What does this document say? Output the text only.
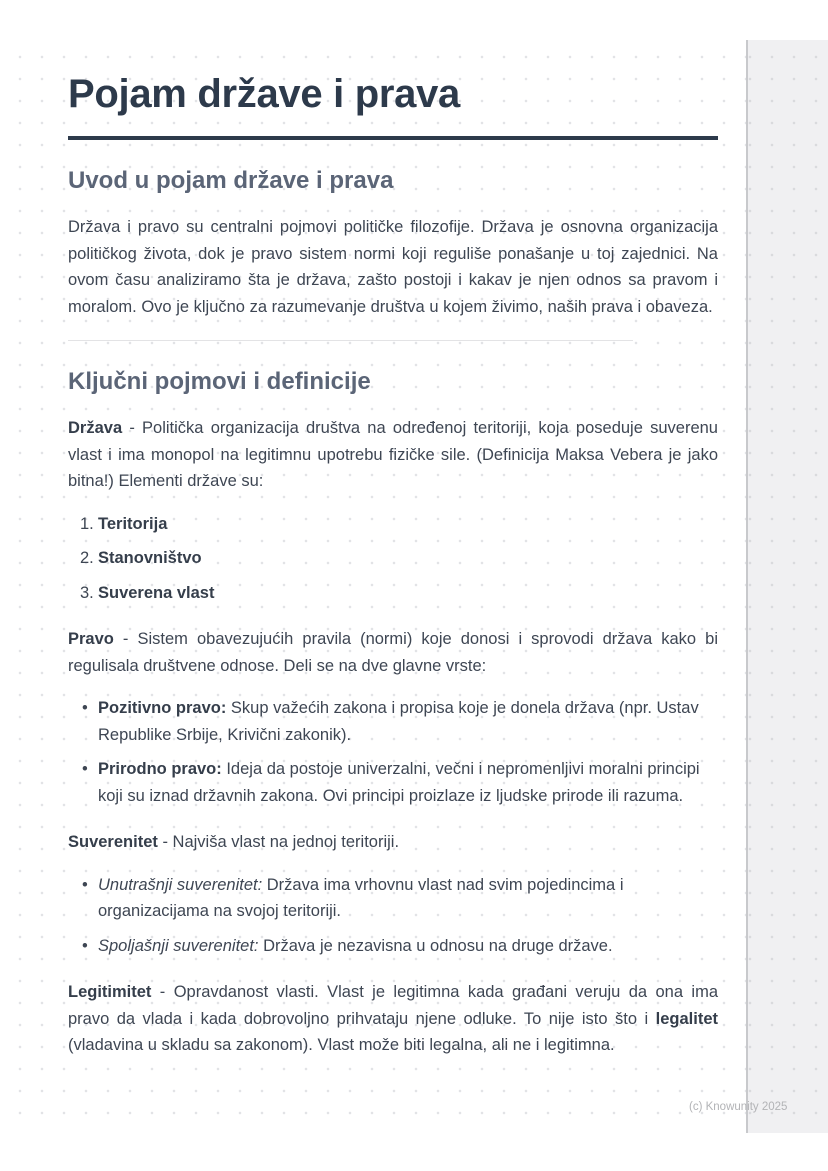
Pojam države i prava
Uvod u pojam države i prava

Država i pravo su centralni pojmovi političke filozofije. Država je osnovna organizacija političkog života, dok je pravo sistem normi koji reguliše ponašanje u toj zajednici. Na ovom času analiziramo šta je država, zašto postoji i kakav je njen odnos sa pravom i moralom. Ovo je ključno za razumevanje društva u kojem živimo, naših prava i obaveza.

Ključni pojmovi i definicije

Država - Politička organizacija društva na određenoj teritoriji, koja poseduje suverenu vlast i ima monopol na legitimnu upotrebu fizičke sile. (Definicija Maksa Vebera je jako bitna!) Elementi države su:

1. Teritorija
2. Stanovništvo
3. Suverena vlast

Pravo - Sistem obavezujućih pravila (normi) koje donosi i sprovodi država kako bi regulisala društvene odnose. Deli se na dve glavne vrste:

• Pozitivno pravo: Skup važećih zakona i propisa koje je donela država (npr. Ustav Republike Srbije, Krivični zakonik).
• Prirodno pravo: Ideja da postoje univerzalni, večni i nepromenljivi moralni principi koji su iznad državnih zakona. Ovi principi proizlaze iz ljudske prirode ili razuma.

Suverenitet - Najviša vlast na jednoj teritoriji.

• Unutrašnji suverenitet: Država ima vrhovnu vlast nad svim pojedincima i organizacijama na svojoj teritoriji.
• Spoljašnji suverenitet: Država je nezavisna u odnosu na druge države.

Legitimitet - Opravdanost vlasti. Vlast je legitimna kada građani veruju da ona ima pravo da vlada i kada dobrovoljno prihvataju njene odluke. To nije isto što i legalitet (vladavina u skladu sa zakonom). Vlast može biti legalna, ali ne i legitimna.

(c) Knowunity 2025
